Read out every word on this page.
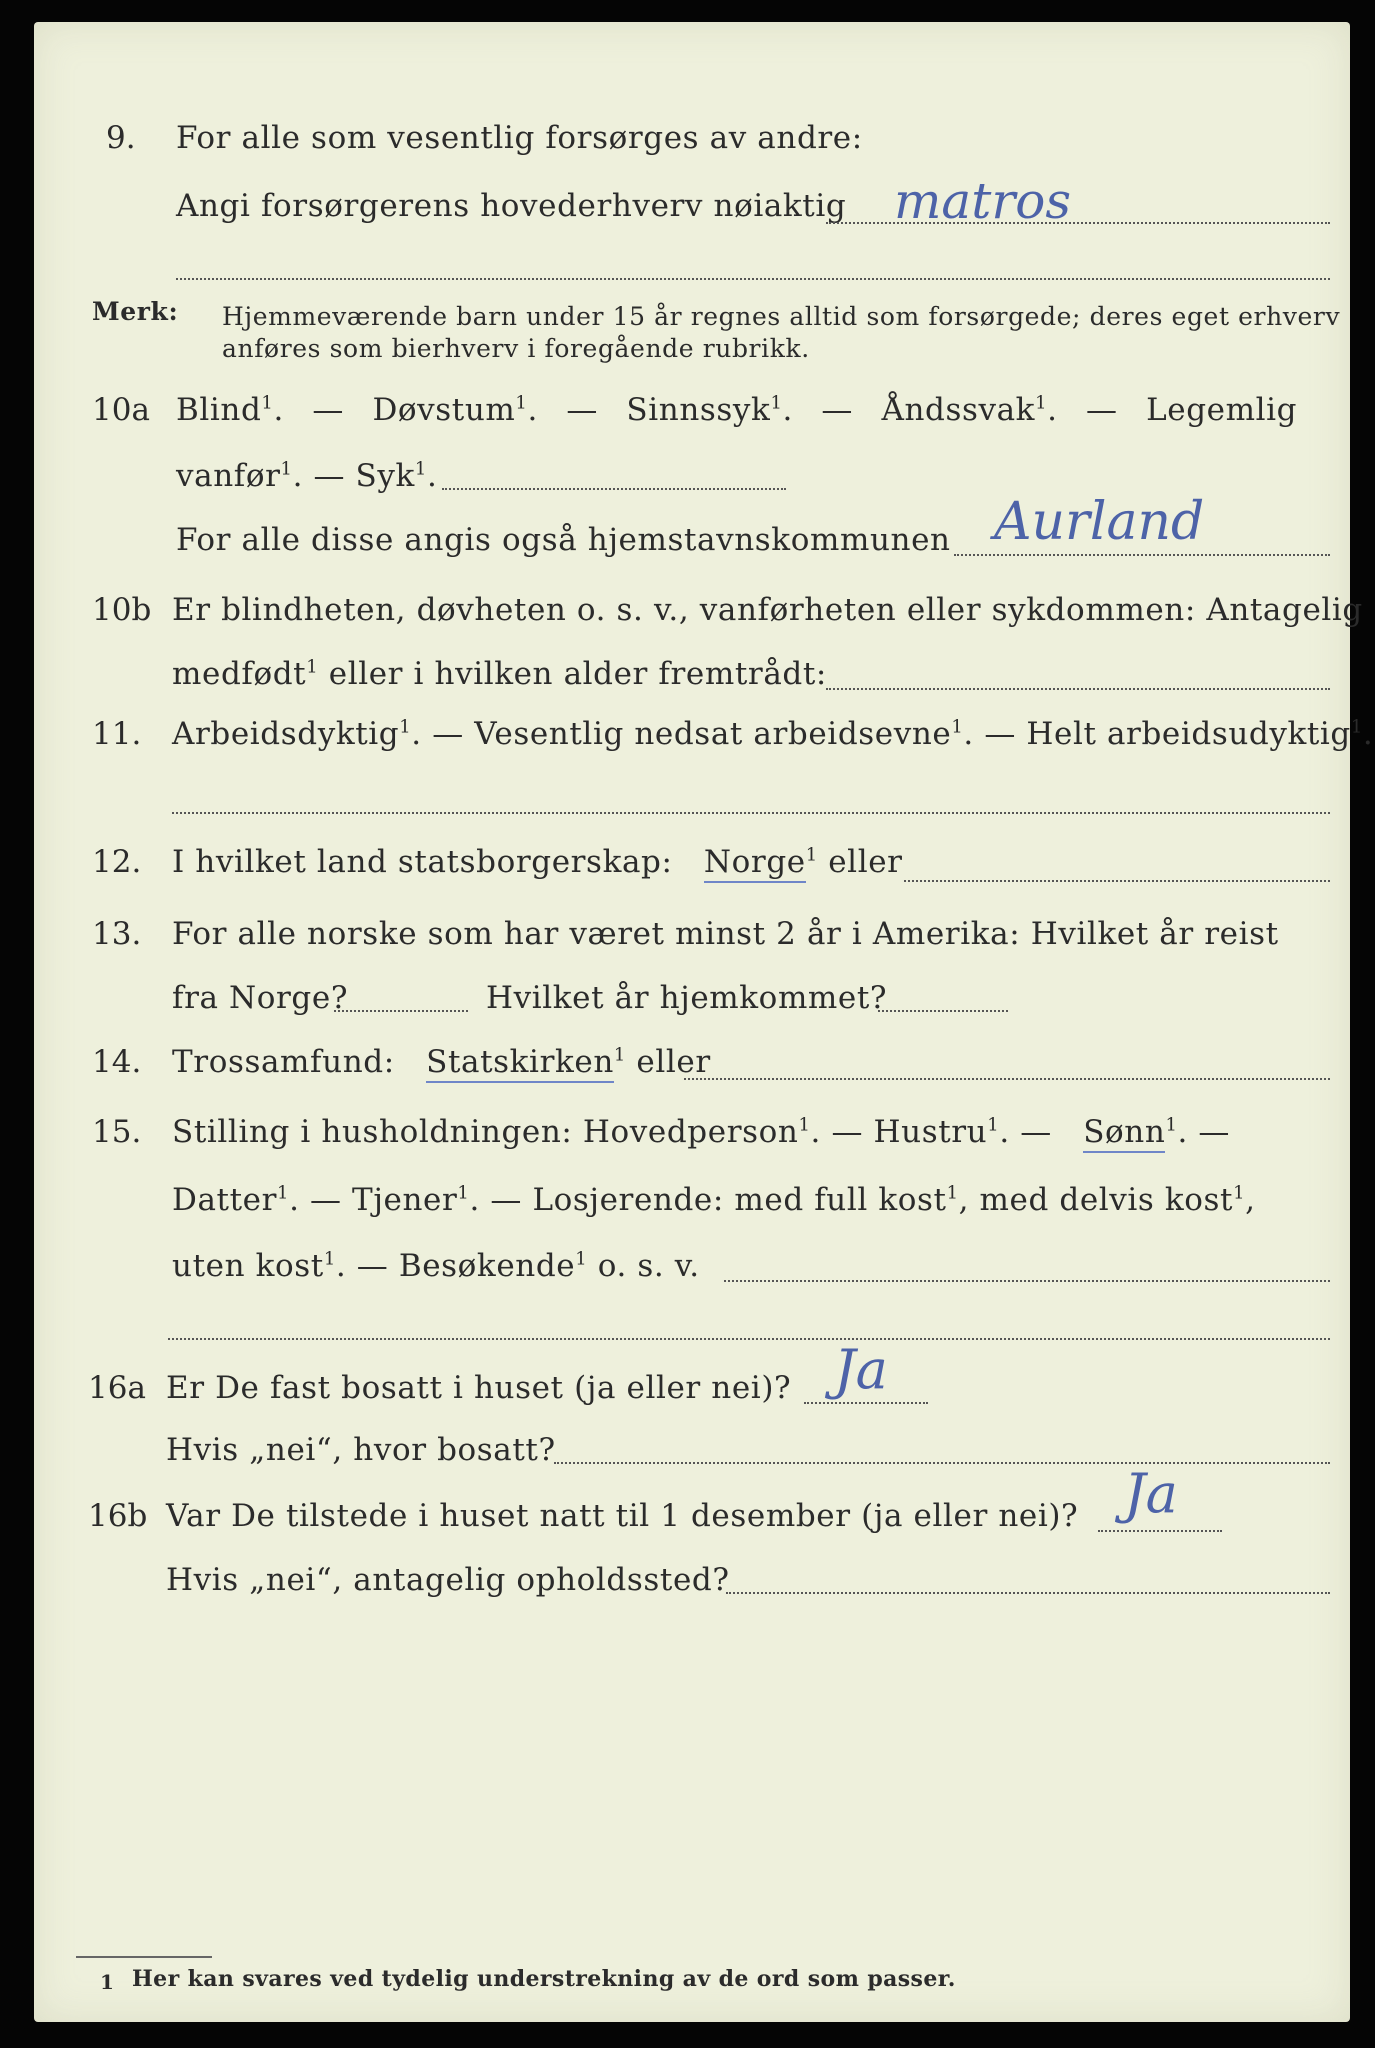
9. For alle som vesentlig forsørges av andre:
Angi forsørgerens hovederhverv nøiaktig matros
Merk: Hjemmeværende barn under 15 år regnes alltid som forsørgede; deres eget erhverv
anføres som bierhverv i foregående rubrikk.
10a Blind$^1$. — Døvstum$^1$. — Sinnssyk$^1$. — Åndssvak$^1$. — Legemlig
vanfør$^1$. — Syk$^1$.
For alle disse angis også hjemstavnskommunen Aurland
10b Er blindheten, døvheten o. s. v., vanførheten eller sykdommen: Antagelig
medfødt$^1$ eller i hvilken alder fremtrådt:
11. Arbeidsdyktig$^1$. — Vesentlig nedsat arbeidsevne$^1$. — Helt arbeidsudyktig$^1$.
12. I hvilket land statsborgerskap: Norge$^1$ eller
13. For alle norske som har været minst 2 år i Amerika: Hvilket år reist
fra Norge?	Hvilket år hjemkommet?
14. Trossamfund: Statskirken$^1$ eller
15. Stilling i husholdningen: Hovedperson$^1$. — Hustru$^1$. — Sønn$^1$. —
Datter$^1$. — Tjener$^1$. — Losjerende: med full kost$^1$, med delvis kost$^1$,
uten kost$^1$. — Besøkende$^1$ o. s. v.
16a Er De fast bosatt i huset (ja eller nei)? Ja
Hvis „nei“, hvor bosatt?
16b Var De tilstede i huset natt til 1 desember (ja eller nei)? Ja
Hvis „nei“, antagelig opholdssted?
1 Her kan svares ved tydelig understrekning av de ord som passer.
